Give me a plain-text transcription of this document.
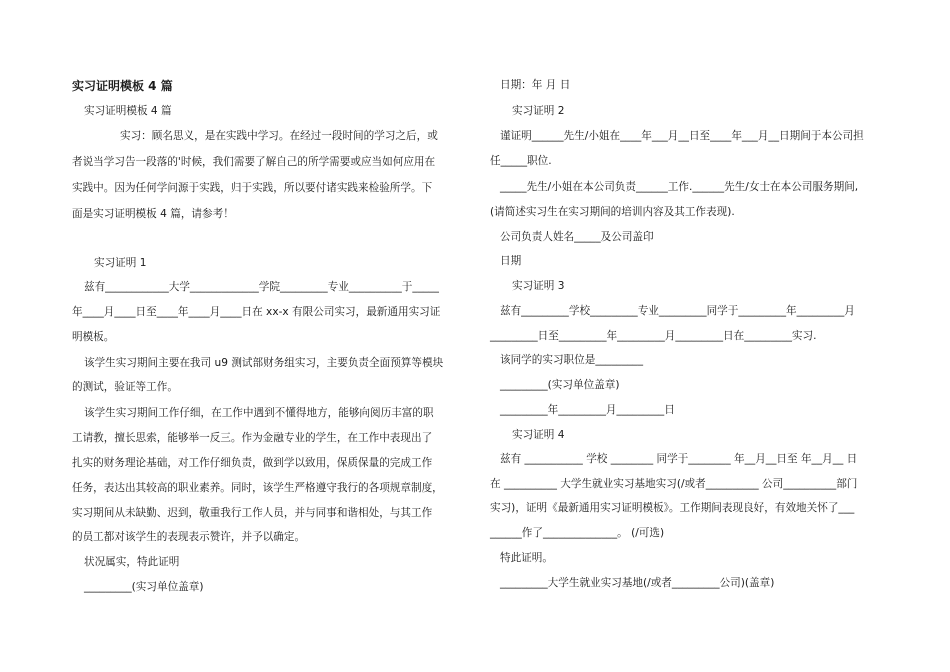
实习证明模板 4 篇
实习证明模板 4 篇
实习：顾名思义，是在实践中学习。在经过一段时间的学习之后，或
者说当学习告一段落的'时候，我们需要了解自己的所学需要或应当如何应用在
实践中。因为任何学问源于实践，归于实践，所以要付诸实践来检验所学。下
面是实习证明模板 4 篇，请参考！
实习证明 1
兹有____________大学_____________学院_________专业__________于_____
年____月____日至____年____月____日在 xx-x 有限公司实习，最新通用实习证
明模板。
该学生实习期间主要在我司 u9 测试部财务组实习，主要负责全面预算等模块
的测试，验证等工作。
该学生实习期间工作仔细，在工作中遇到不懂得地方，能够向阅历丰富的职
工请教，擅长思索，能够举一反三。作为金融专业的学生，在工作中表现出了
扎实的财务理论基础，对工作仔细负责，做到学以致用，保质保量的完成工作
任务，表达出其较高的职业素养。同时，该学生严格遵守我行的各项规章制度，
实习期间从未缺勤、迟到，敬重我行工作人员，并与同事和谐相处，与其工作
的员工都对该学生的表现表示赞许，并予以确定。
状况属实，特此证明
_________(实习单位盖章)
日期：年 月 日
实习证明 2
谨证明______先生/小姐在____年___月__日至____年___月__日期间于本公司担
任_____职位.
_____先生/小姐在本公司负责______工作.______先生/女士在本公司服务期间,
(请简述实习生在实习期间的培训内容及其工作表现).
公司负责人姓名_____及公司盖印
日期
实习证明 3
兹有_________学校_________专业_________同学于_________年_________月
_________日至_________年_________月_________日在_________实习.
该同学的实习职位是_________
_________(实习单位盖章)
_________年_________月_________日
实习证明 4
兹有 ___________ 学校 ________ 同学于________ 年__月__日至 年__月__ 日
在 __________ 大学生就业实习基地实习(/或者__________ 公司__________部门
实习)，证明《最新通用实习证明模板》。工作期间表现良好，有效地关怀了___
______作了______________。 (/可选)
特此证明。
_________大学生就业实习基地(/或者_________公司)(盖章)
